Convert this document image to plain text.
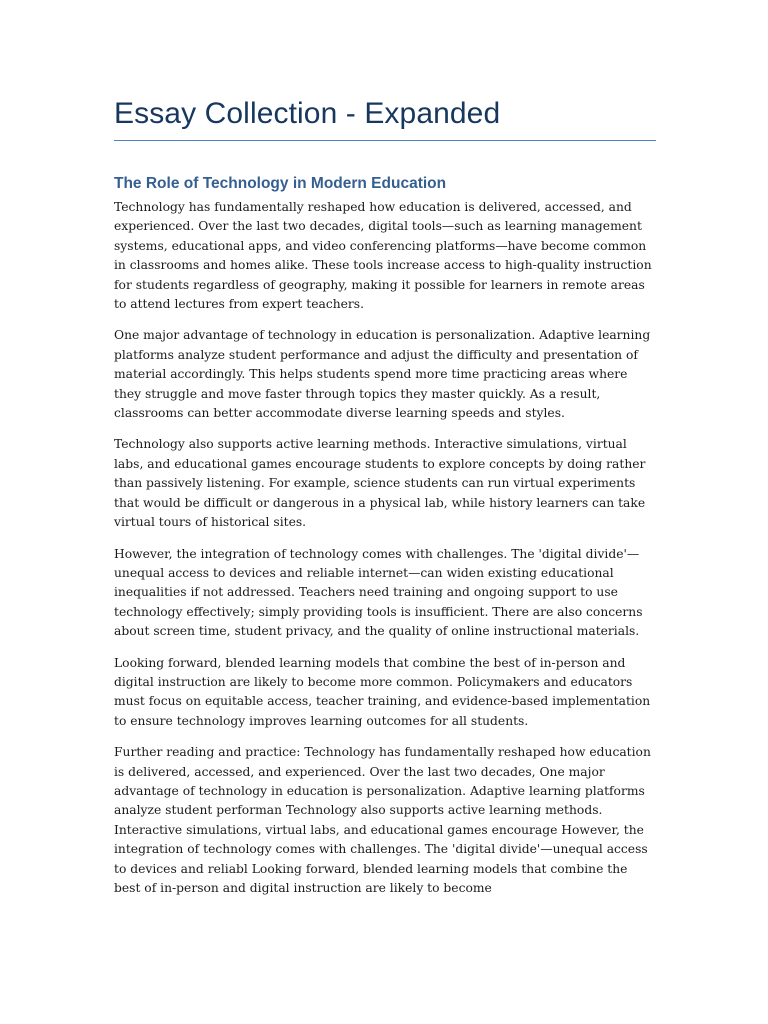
Essay Collection - Expanded
The Role of Technology in Modern Education

Technology has fundamentally reshaped how education is delivered, accessed, and experienced. Over the last two decades, digital tools—such as learning management systems, educational apps, and video conferencing platforms—have become common in classrooms and homes alike. These tools increase access to high-quality instruction for students regardless of geography, making it possible for learners in remote areas to attend lectures from expert teachers.

One major advantage of technology in education is personalization. Adaptive learning platforms analyze student performance and adjust the difficulty and presentation of material accordingly. This helps students spend more time practicing areas where they struggle and move faster through topics they master quickly. As a result, classrooms can better accommodate diverse learning speeds and styles.

Technology also supports active learning methods. Interactive simulations, virtual labs, and educational games encourage students to explore concepts by doing rather than passively listening. For example, science students can run virtual experiments that would be difficult or dangerous in a physical lab, while history learners can take virtual tours of historical sites.

However, the integration of technology comes with challenges. The 'digital divide'—unequal access to devices and reliable internet—can widen existing educational inequalities if not addressed. Teachers need training and ongoing support to use technology effectively; simply providing tools is insufficient. There are also concerns about screen time, student privacy, and the quality of online instructional materials.

Looking forward, blended learning models that combine the best of in-person and digital instruction are likely to become more common. Policymakers and educators must focus on equitable access, teacher training, and evidence-based implementation to ensure technology improves learning outcomes for all students.

Further reading and practice: Technology has fundamentally reshaped how education is delivered, accessed, and experienced. Over the last two decades, One major advantage of technology in education is personalization. Adaptive learning platforms analyze student performan Technology also supports active learning methods. Interactive simulations, virtual labs, and educational games encourage However, the integration of technology comes with challenges. The 'digital divide'—unequal access to devices and reliabl Looking forward, blended learning models that combine the best of in-person and digital instruction are likely to become
